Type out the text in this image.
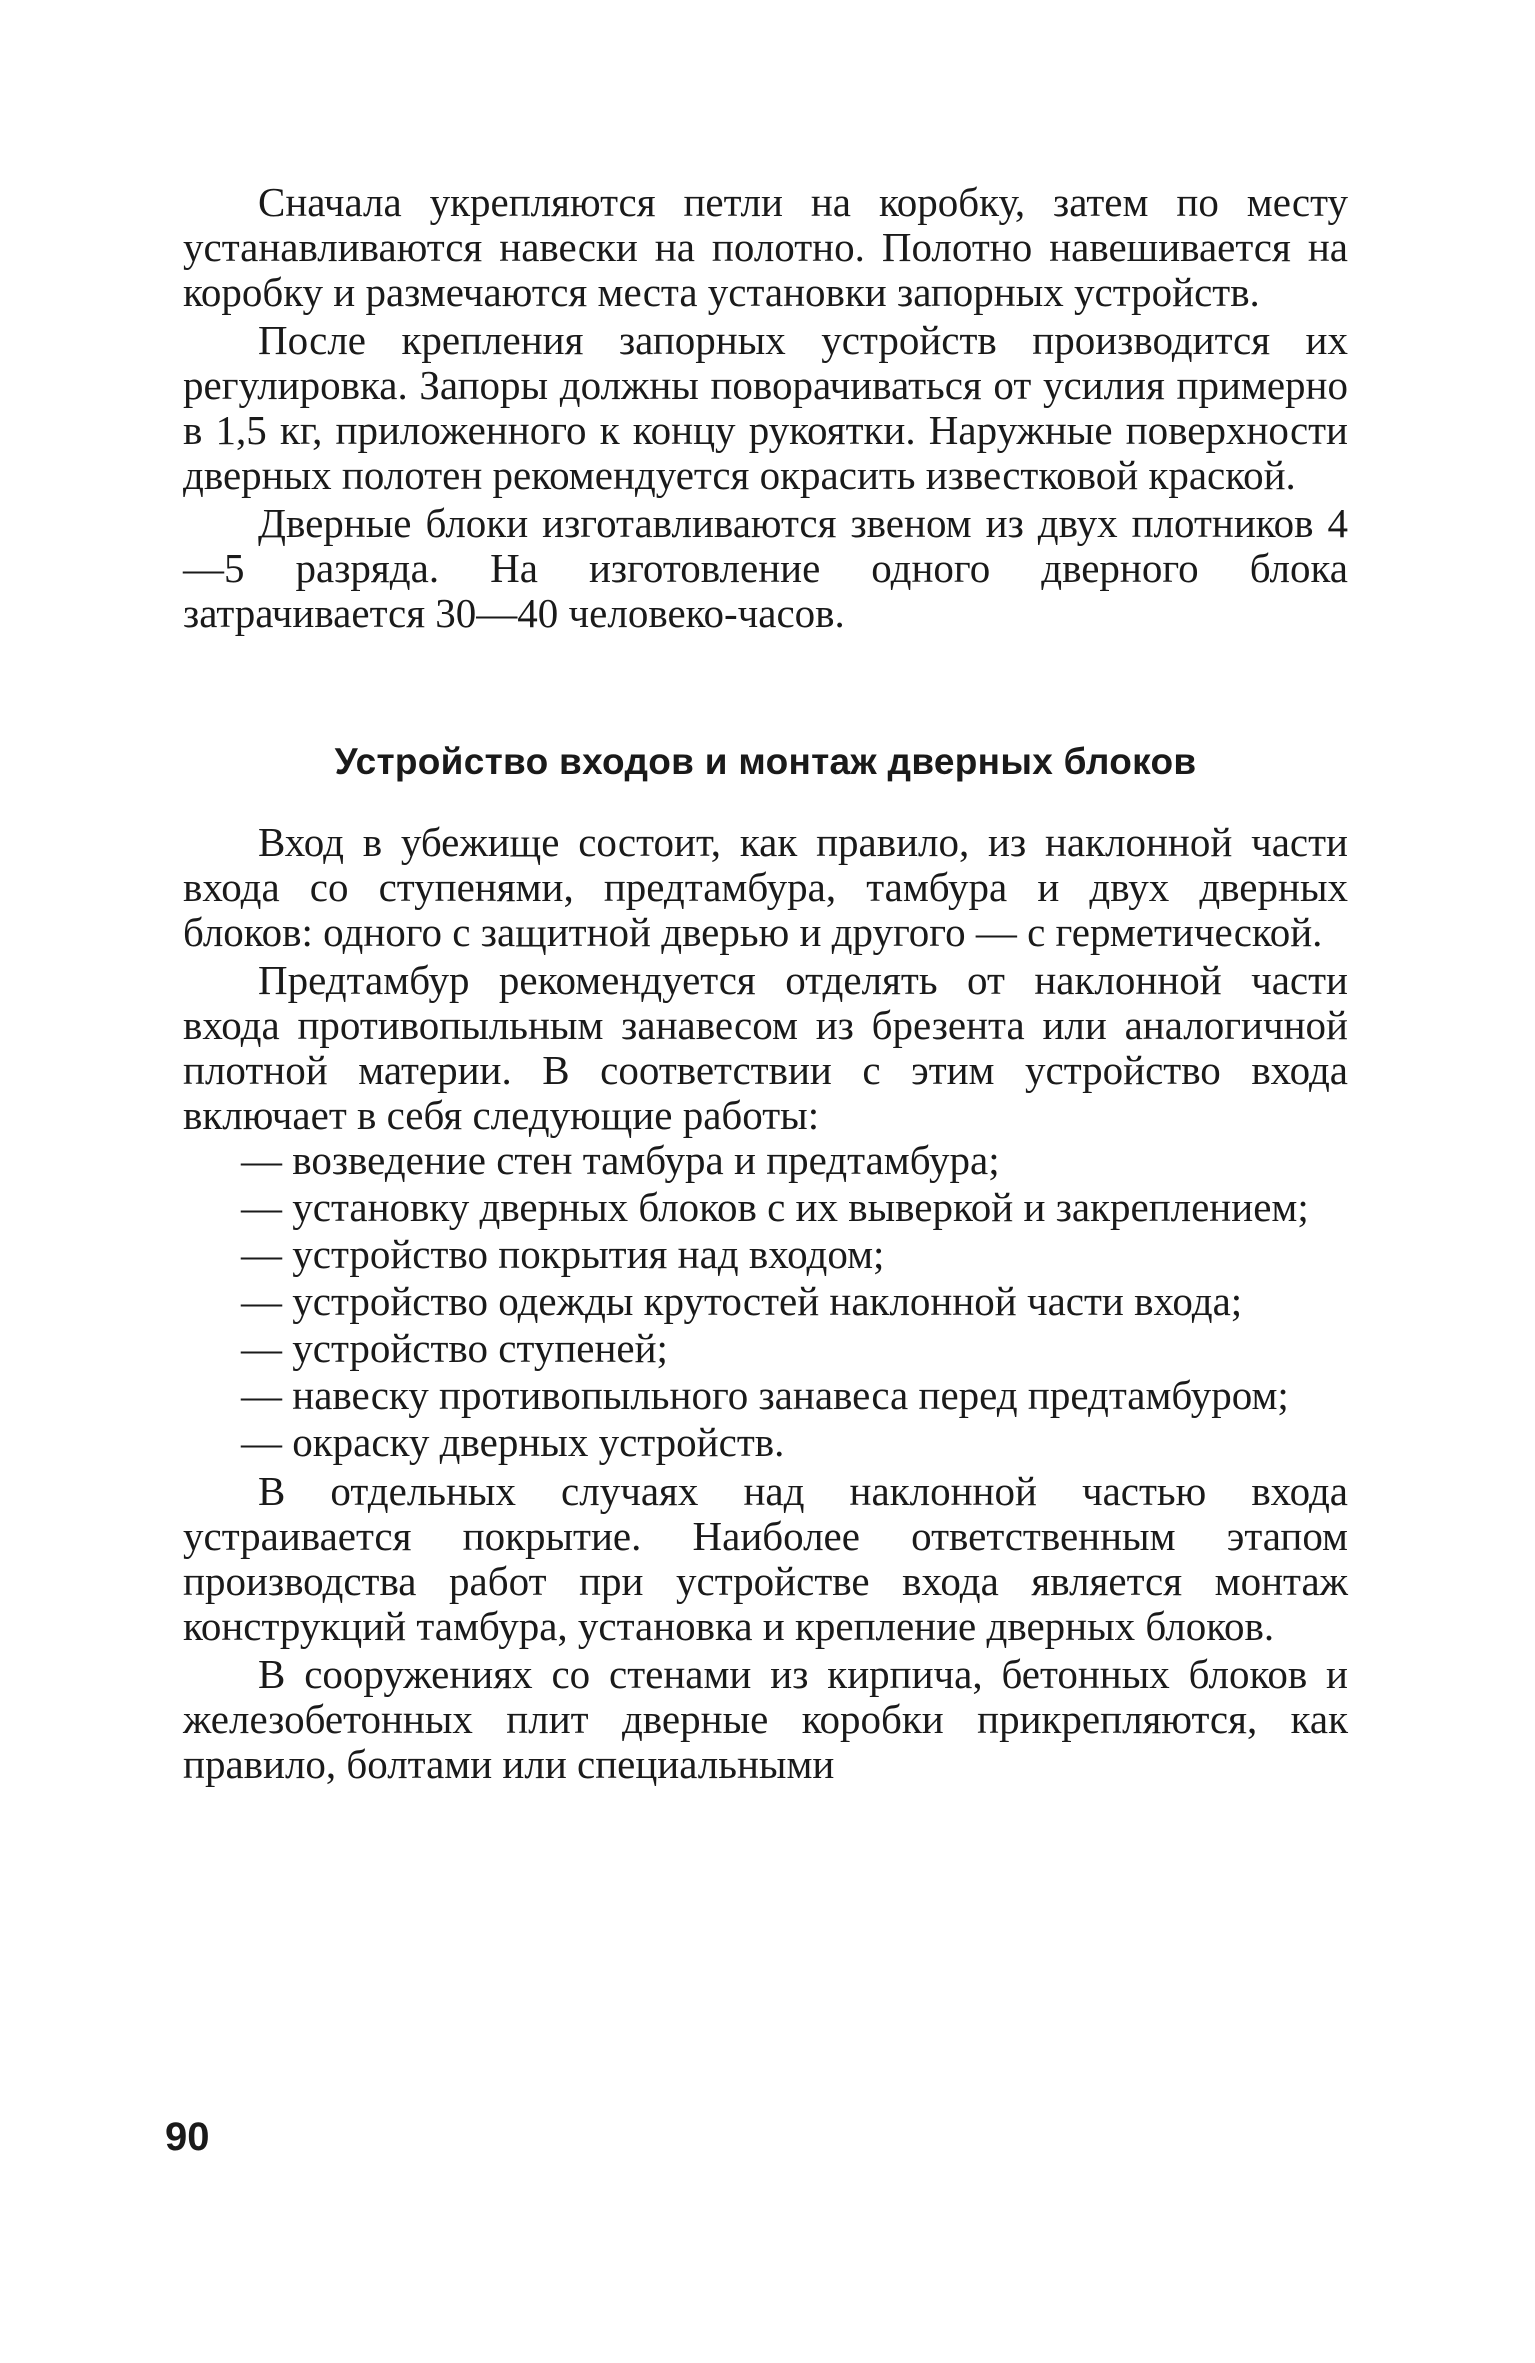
Сначала укрепляются петли на коробку, затем по месту устанавливаются навески на полотно. Полотно навешивается на коробку и размечаются места установки запорных устройств.

После крепления запорных устройств производится их регулировка. Запоры должны поворачиваться от усилия примерно в 1,5 кг, приложенного к концу рукоятки. Наружные поверхности дверных полотен рекомендуется окрасить известковой краской.

Дверные блоки изготавливаются звеном из двух плотников 4—5 разряда. На изготовление одного дверного блока затрачивается 30—40 человеко-часов.

Устройство входов и монтаж дверных блоков

Вход в убежище состоит, как правило, из наклонной части входа со ступенями, предтамбура, тамбура и двух дверных блоков: одного с защитной дверью и другого — с герметической.

Предтамбур рекомендуется отделять от наклонной части входа противопыльным занавесом из брезента или аналогичной плотной материи. В соответствии с этим устройство входа включает в себя следующие работы:

— возведение стен тамбура и предтамбура;

— установку дверных блоков с их выверкой и закреплением;

— устройство покрытия над входом;

— устройство одежды крутостей наклонной части входа;

— устройство ступеней;

— навеску противопыльного занавеса перед предтамбуром;

— окраску дверных устройств.

В отдельных случаях над наклонной частью входа устраивается покрытие. Наиболее ответственным этапом производства работ при устройстве входа является монтаж конструкций тамбура, установка и крепление дверных блоков.

В сооружениях со стенами из кирпича, бетонных блоков и железобетонных плит дверные коробки прикрепляются, как правило, болтами или специальными

90
